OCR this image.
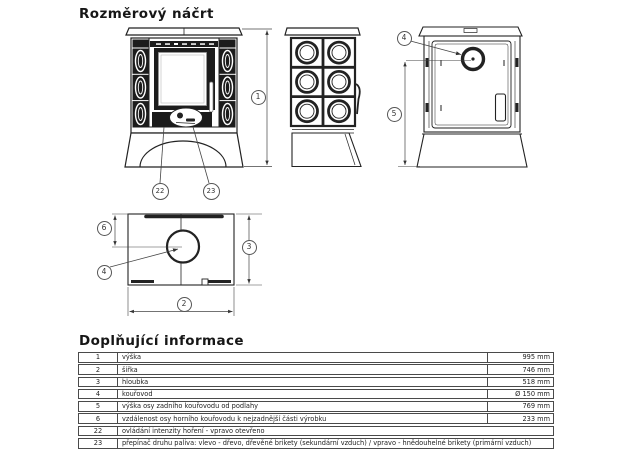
Rozměrový náčrt
1
22	23
4
5
6
4
3
2
Doplňující informace
1	výška	995 mm
2	šířka	746 mm
3	hloubka	518 mm
4	kouřovod	Ø 150 mm
5	výška osy zadního kouřovodu od podlahy	769 mm
6	vzdálenost osy horního kouřovodu k nejzadnější části výrobku	233 mm
22	ovládání intenzity hoření - vpravo otevřeno
23	přepínač druhu paliva: vlevo - dřevo, dřevěné brikety (sekundární vzduch) / vpravo - hnědouhelné brikety (primární vzduch)
